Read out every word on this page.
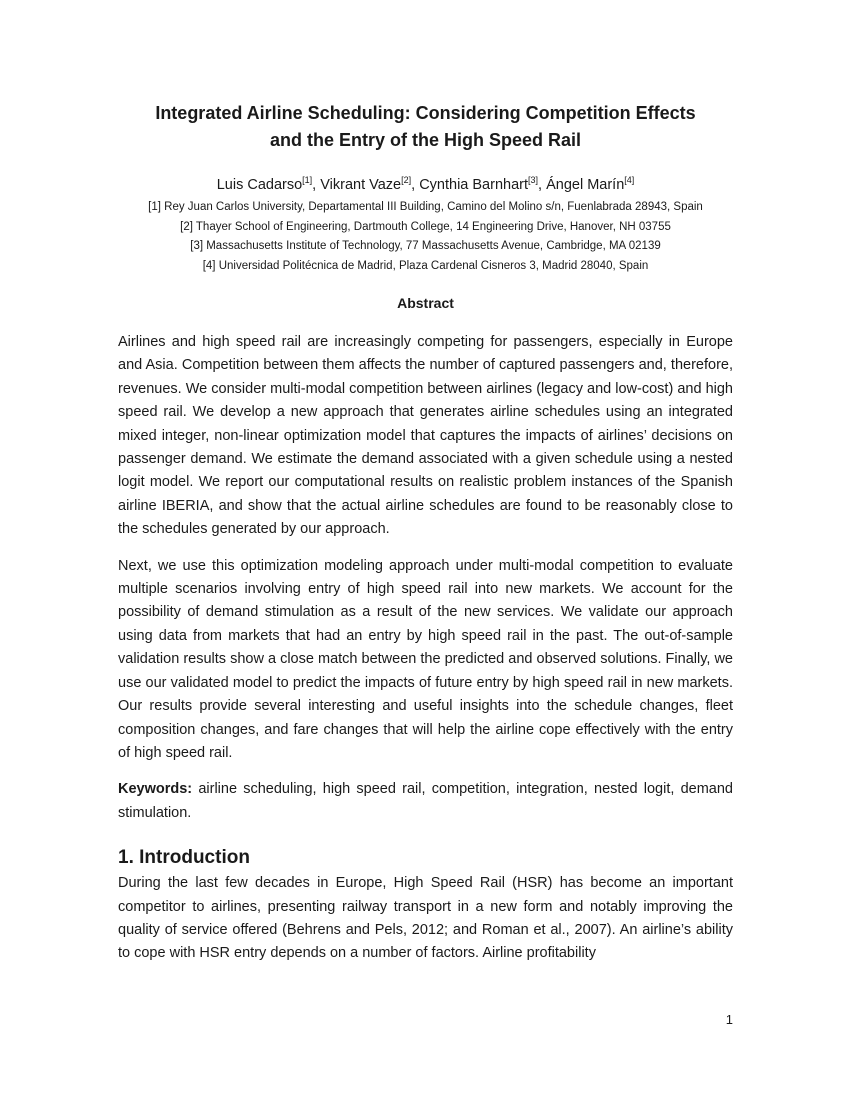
Integrated Airline Scheduling: Considering Competition Effects
and the Entry of the High Speed Rail
Luis Cadarso[1], Vikrant Vaze[2], Cynthia Barnhart[3], Ángel Marín[4]
[1] Rey Juan Carlos University, Departamental III Building, Camino del Molino s/n, Fuenlabrada 28943, Spain
[2] Thayer School of Engineering, Dartmouth College, 14 Engineering Drive, Hanover, NH 03755
[3] Massachusetts Institute of Technology, 77 Massachusetts Avenue, Cambridge, MA 02139
[4] Universidad Politécnica de Madrid, Plaza Cardenal Cisneros 3, Madrid 28040, Spain
Abstract

Airlines and high speed rail are increasingly competing for passengers, especially in Europe and Asia. Competition between them affects the number of captured passengers and, therefore, revenues. We consider multi-modal competition between airlines (legacy and low-cost) and high speed rail. We develop a new approach that generates airline schedules using an integrated mixed integer, non-linear optimization model that captures the impacts of airlines’ decisions on passenger demand. We estimate the demand associated with a given schedule using a nested logit model. We report our computational results on realistic problem instances of the Spanish airline IBERIA, and show that the actual airline schedules are found to be reasonably close to the schedules generated by our approach.

Next, we use this optimization modeling approach under multi-modal competition to evaluate multiple scenarios involving entry of high speed rail into new markets. We account for the possibility of demand stimulation as a result of the new services. We validate our approach using data from markets that had an entry by high speed rail in the past. The out-of-sample validation results show a close match between the predicted and observed solutions. Finally, we use our validated model to predict the impacts of future entry by high speed rail in new markets. Our results provide several interesting and useful insights into the schedule changes, fleet composition changes, and fare changes that will help the airline cope effectively with the entry of high speed rail.

Keywords: airline scheduling, high speed rail, competition, integration, nested logit, demand stimulation.

1. Introduction

During the last few decades in Europe, High Speed Rail (HSR) has become an important competitor to airlines, presenting railway transport in a new form and notably improving the quality of service offered (Behrens and Pels, 2012; and Roman et al., 2007). An airline’s ability to cope with HSR entry depends on a number of factors. Airline profitability

1
